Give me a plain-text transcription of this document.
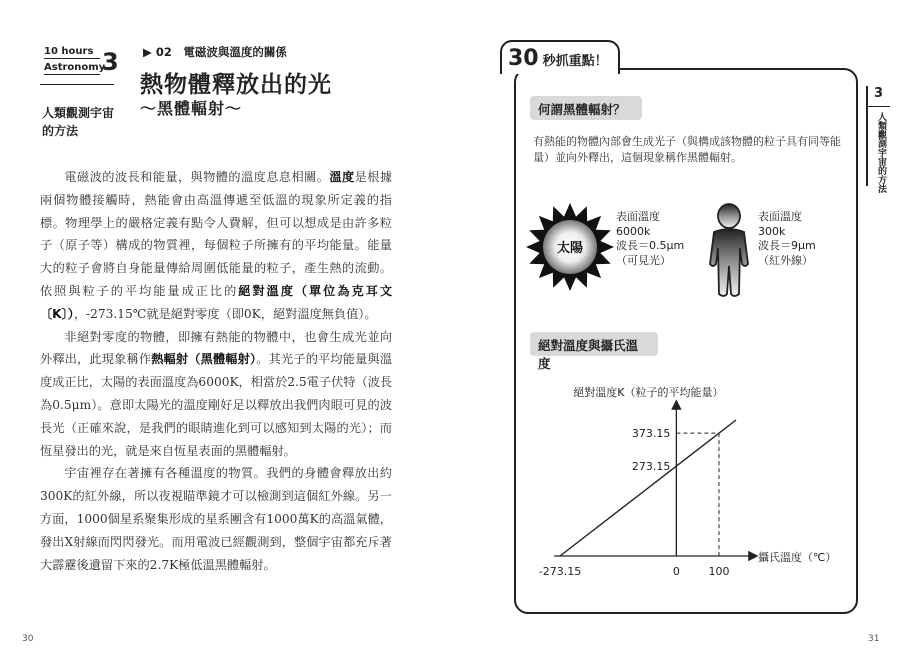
10 hours
Astronomy
3
人類觀測宇宙的方法
▶ 02　電磁波與溫度的關係
熱物體釋放出的光
〜黑體輻射〜

電磁波的波長和能量，與物體的溫度息息相關。溫度是根據兩個物體接觸時，熱能會由高溫傳遞至低溫的現象所定義的指標。物理學上的嚴格定義有點令人費解，但可以想成是由許多粒子（原子等）構成的物質裡，每個粒子所擁有的平均能量。能量大的粒子會將自身能量傳給周圍低能量的粒子，產生熱的流動。依照與粒子的平均能量成正比的絕對溫度（單位為克耳文〔K〕），-273.15℃就是絕對零度（即0K，絕對溫度無負值）。

非絕對零度的物體，即擁有熱能的物體中，也會生成光並向外釋出，此現象稱作熱輻射（黑體輻射）。其光子的平均能量與溫度成正比，太陽的表面溫度為6000K，相當於2.5電子伏特（波長為0.5μm）。意即太陽光的溫度剛好足以釋放出我們肉眼可見的波長光（正確來說，是我們的眼睛進化到可以感知到太陽的光）；而恆星發出的光，就是來自恆星表面的黑體輻射。

宇宙裡存在著擁有各種溫度的物質。我們的身體會釋放出約300K的紅外線，所以夜視瞄準鏡才可以檢測到這個紅外線。另一方面，1000個星系聚集形成的星系團含有1000萬K的高溫氣體，發出X射線而閃閃發光。而用電波已經觀測到，整個宇宙都充斥著大霹靂後遺留下來的2.7K極低溫黑體輻射。

30
30 秒抓重點！
何謂黑體輻射？
有熱能的物體內部會生成光子（與構成該物體的粒子具有同等能量）並向外釋出，這個現象稱作黑體輻射。
太陽
表面溫度
6000k
波長＝0.5μm
（可見光）
表面溫度
300k
波長＝9μm
（紅外線）
絕對溫度與攝氏溫度
-273.15	0	100
273.15
373.15
絕對溫度K（粒子的平均能量）
攝氏溫度（℃）
31
3
人類觀測宇宙的方法
